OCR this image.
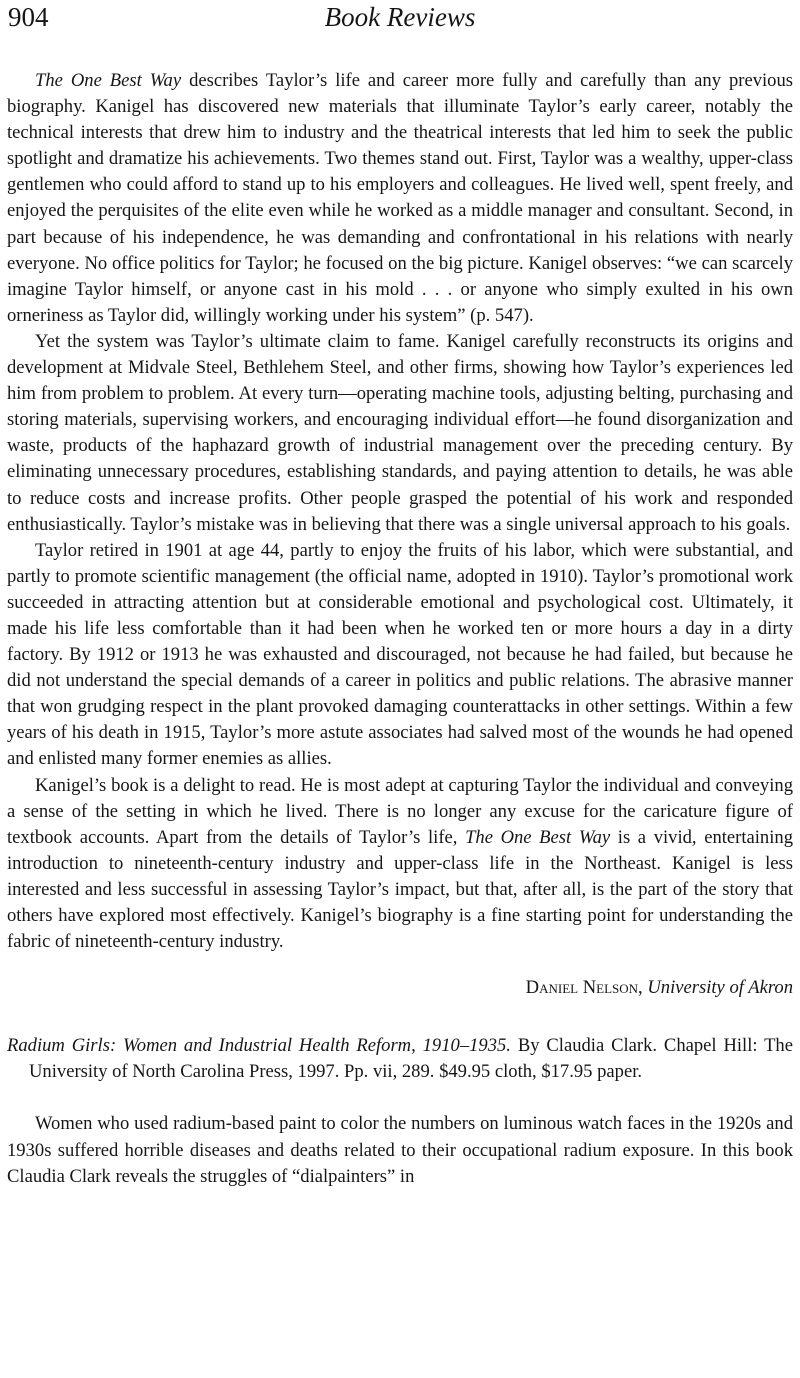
904	Book Reviews

The One Best Way describes Taylor’s life and career more fully and carefully than any previous biography. Kanigel has discovered new materials that illuminate Taylor’s early career, notably the technical interests that drew him to industry and the theatrical interests that led him to seek the public spotlight and dramatize his achievements. Two themes stand out. First, Taylor was a wealthy, upper-class gentlemen who could afford to stand up to his employers and colleagues. He lived well, spent freely, and enjoyed the perquisites of the elite even while he worked as a middle manager and consultant. Second, in part because of his independence, he was demanding and confrontational in his relations with nearly everyone. No office politics for Taylor; he focused on the big picture. Kanigel observes: “we can scarcely imagine Taylor himself, or anyone cast in his mold . . . or anyone who simply exulted in his own orneriness as Taylor did, willingly working under his system” (p. 547).

Yet the system was Taylor’s ultimate claim to fame. Kanigel carefully reconstructs its origins and development at Midvale Steel, Bethlehem Steel, and other firms, showing how Taylor’s experiences led him from problem to problem. At every turn—operating machine tools, adjusting belting, purchasing and storing materials, supervising workers, and encouraging individual effort—he found disorganization and waste, products of the haphazard growth of industrial management over the preceding century. By eliminating unnecessary procedures, establishing standards, and paying attention to details, he was able to reduce costs and increase profits. Other people grasped the potential of his work and responded enthusiastically. Taylor’s mistake was in believing that there was a single universal approach to his goals.

Taylor retired in 1901 at age 44, partly to enjoy the fruits of his labor, which were substantial, and partly to promote scientific management (the official name, adopted in 1910). Taylor’s promotional work succeeded in attracting attention but at considerable emotional and psychological cost. Ultimately, it made his life less comfortable than it had been when he worked ten or more hours a day in a dirty factory. By 1912 or 1913 he was exhausted and discouraged, not because he had failed, but because he did not understand the special demands of a career in politics and public relations. The abrasive manner that won grudging respect in the plant provoked damaging counterattacks in other settings. Within a few years of his death in 1915, Taylor’s more astute associates had salved most of the wounds he had opened and enlisted many former enemies as allies.

Kanigel’s book is a delight to read. He is most adept at capturing Taylor the individual and conveying a sense of the setting in which he lived. There is no longer any excuse for the caricature figure of textbook accounts. Apart from the details of Taylor’s life, The One Best Way is a vivid, entertaining introduction to nineteenth-century industry and upper-class life in the Northeast. Kanigel is less interested and less successful in assessing Taylor’s impact, but that, after all, is the part of the story that others have explored most effectively. Kanigel’s biography is a fine starting point for understanding the fabric of nineteenth-century industry.

Daniel Nelson, University of Akron

Radium Girls: Women and Industrial Health Reform, 1910–1935. By Claudia Clark. Chapel Hill: The University of North Carolina Press, 1997. Pp. vii, 289. $49.95 cloth, $17.95 paper.

Women who used radium-based paint to color the numbers on luminous watch faces in the 1920s and 1930s suffered horrible diseases and deaths related to their occupational radium exposure. In this book Claudia Clark reveals the struggles of “dialpainters” in
